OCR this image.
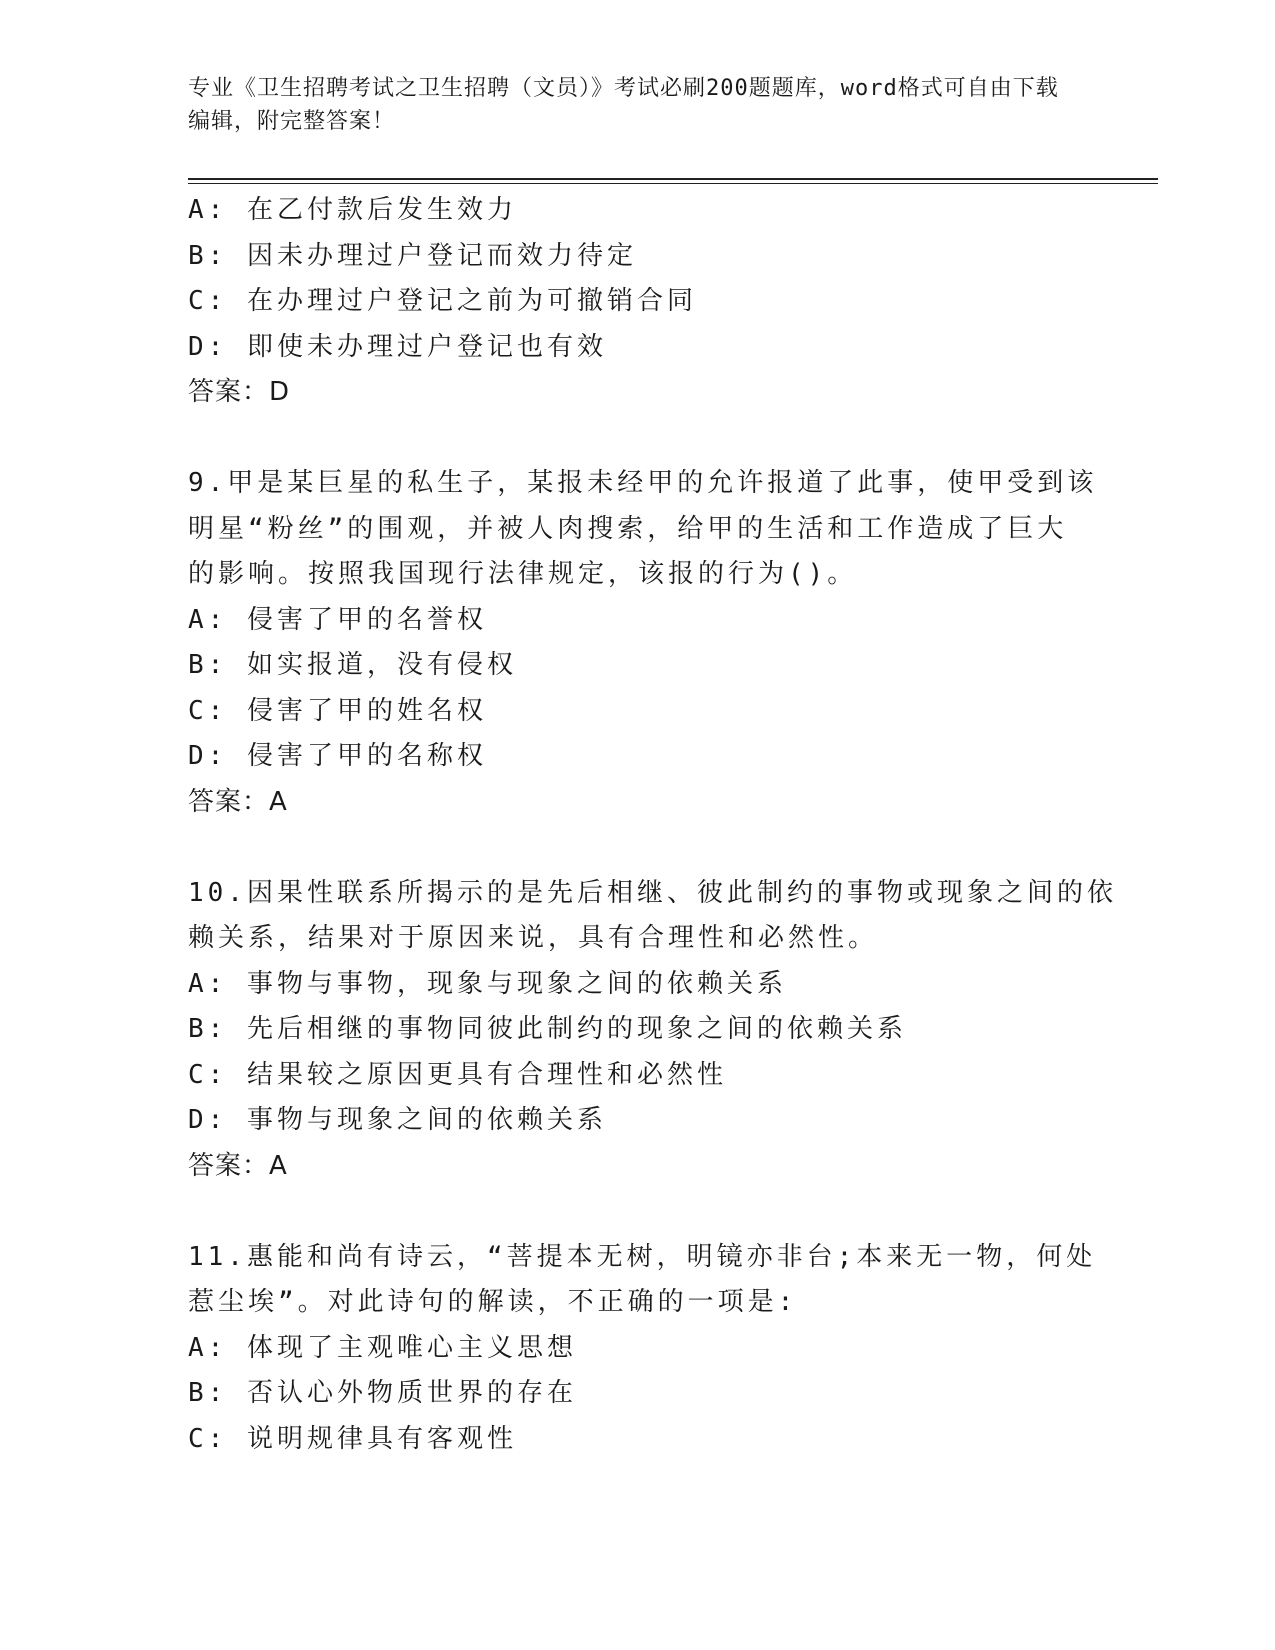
专业《卫生招聘考试之卫生招聘（文员）》考试必刷200题题库，word格式可自由下载编辑，附完整答案！
A: 在乙付款后发生效力
B: 因未办理过户登记而效力待定
C: 在办理过户登记之前为可撤销合同
D: 即使未办理过户登记也有效
答案：D
9.甲是某巨星的私生子，某报未经甲的允许报道了此事，使甲受到该
明星“粉丝”的围观，并被人肉搜索，给甲的生活和工作造成了巨大
的影响。按照我国现行法律规定，该报的行为()。
A: 侵害了甲的名誉权
B: 如实报道，没有侵权
C: 侵害了甲的姓名权
D: 侵害了甲的名称权
答案：A
10.因果性联系所揭示的是先后相继、彼此制约的事物或现象之间的依
赖关系，结果对于原因来说，具有合理性和必然性。
A: 事物与事物，现象与现象之间的依赖关系
B: 先后相继的事物同彼此制约的现象之间的依赖关系
C: 结果较之原因更具有合理性和必然性
D: 事物与现象之间的依赖关系
答案：A
11.惠能和尚有诗云，“菩提本无树，明镜亦非台;本来无一物，何处
惹尘埃”。对此诗句的解读，不正确的一项是:
A: 体现了主观唯心主义思想
B: 否认心外物质世界的存在
C: 说明规律具有客观性
